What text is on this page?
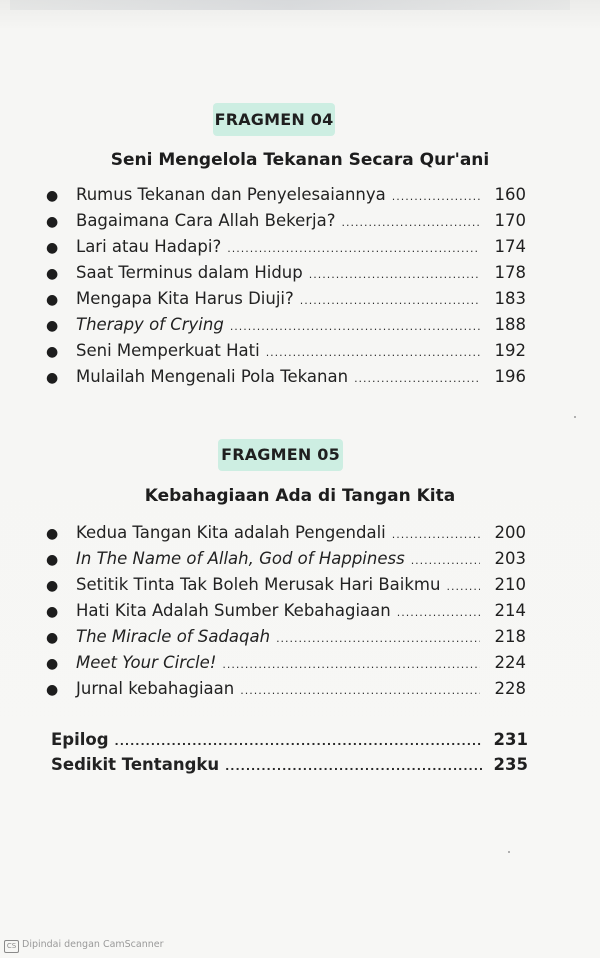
FRAGMEN 04
Seni Mengelola Tekanan Secara Qur'ani
●	Rumus Tekanan dan Penyelesaiannya .....	160
●	Bagaimana Cara Allah Bekerja? .....	170
●	Lari atau Hadapi? .....	174
●	Saat Terminus dalam Hidup .....	178
●	Mengapa Kita Harus Diuji? .....	183
●	Therapy of Crying .....	188
●	Seni Memperkuat Hati .....	192
●	Mulailah Mengenali Pola Tekanan .....	196
FRAGMEN 05
Kebahagiaan Ada di Tangan Kita
●	Kedua Tangan Kita adalah Pengendali .....	200
●	In The Name of Allah, God of Happiness .....	203
●	Setitik Tinta Tak Boleh Merusak Hari Baikmu .....	210
●	Hati Kita Adalah Sumber Kebahagiaan .....	214
●	The Miracle of Sadaqah .....	218
●	Meet Your Circle! .....	224
●	Jurnal kebahagiaan .....	228
Epilog .....	231
Sedikit Tentangku .....	235
CS Dipindai dengan CamScanner
